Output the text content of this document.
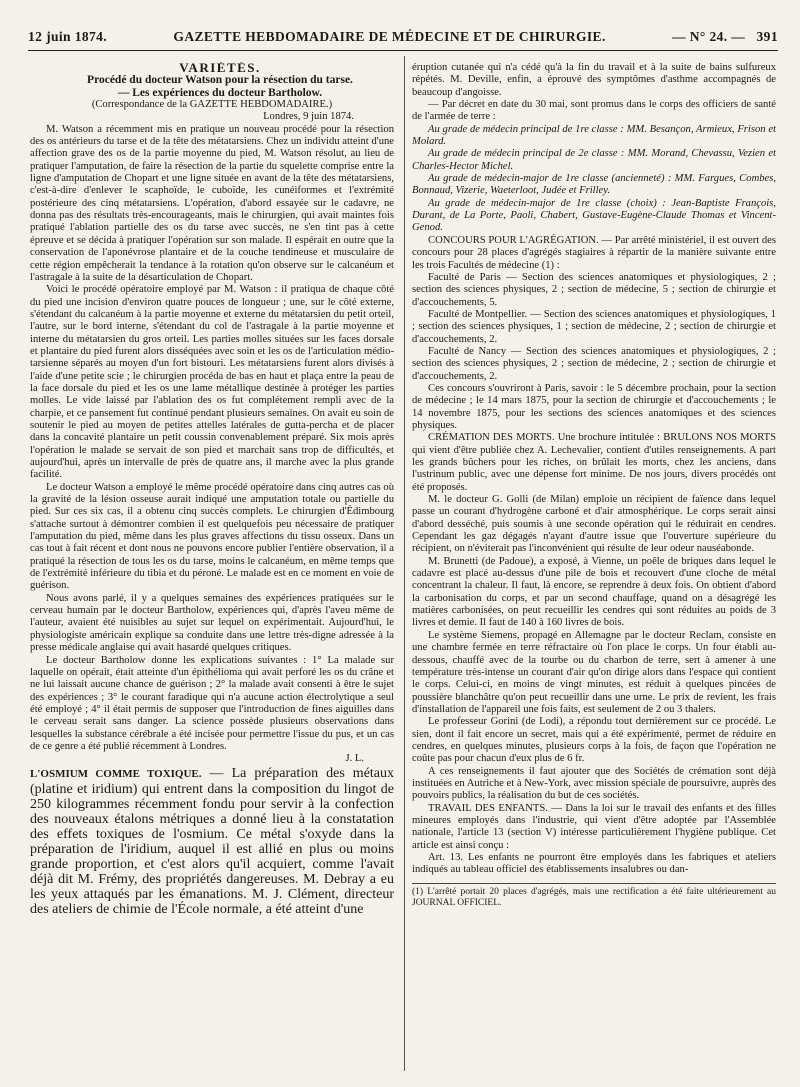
12 juin 1874.	GAZETTE HEBDOMADAIRE DE MÉDECINE ET DE CHIRURGIE.	— N° 24. — 391

VARIÉTÉS.

Procédé du docteur Watson pour la résection du tarse.

— Les expériences du docteur Bartholow.

(Correspondance de la GAZETTE HEBDOMADAIRE.)

Londres, 9 juin 1874.

M. Watson a récemment mis en pratique un nouveau procédé pour la résection des os antérieurs du tarse et de la tête des métatarsiens. Chez un individu atteint d'une affection grave des os de la partie moyenne du pied, M. Watson résolut, au lieu de pratiquer l'amputation, de faire la résection de la partie du squelette comprise entre la ligne d'amputation de Chopart et une ligne située en avant de la tête des métatarsiens, c'est-à-dire d'enlever le scaphoïde, le cuboïde, les cunéiformes et l'extrémité postérieure des cinq métatarsiens. L'opération, d'abord essayée sur le cadavre, ne donna pas des résultats très-encourageants, mais le chirurgien, qui avait maintes fois pratiqué l'ablation partielle des os du tarse avec succès, ne s'en tint pas à cette épreuve et se décida à pratiquer l'opération sur son malade. Il espérait en outre que la conservation de l'aponévrose plantaire et de la couche tendineuse et musculaire de cette région empêcherait la tendance à la rotation qu'on observe sur le calcanéum et l'astragale à la suite de la désarticulation de Chopart.

Voici le procédé opératoire employé par M. Watson : il pratiqua de chaque côté du pied une incision d'environ quatre pouces de longueur ; une, sur le côté externe, s'étendant du calcanéum à la partie moyenne et externe du métatarsien du petit orteil, l'autre, sur le bord interne, s'étendant du col de l'astragale à la partie moyenne et interne du métatarsien du gros orteil. Les parties molles situées sur les faces dorsale et plantaire du pied furent alors disséquées avec soin et les os de l'articulation médio-tarsienne séparés au moyen d'un fort bistouri. Les métatarsiens furent alors divisés à l'aide d'une petite scie ; le chirurgien procéda de bas en haut et plaça entre la peau de la face dorsale du pied et les os une lame métallique destinée à protéger les parties molles. Le vide laissé par l'ablation des os fut complétement rempli avec de la charpie, et ce pansement fut continué pendant plusieurs semaines. On avait eu soin de soutenir le pied au moyen de petites attelles latérales de gutta-percha et de placer dans la concavité plantaire un petit coussin convenablement préparé. Six mois après l'opération le malade se servait de son pied et marchait sans trop de difficultés, et aujourd'hui, après un intervalle de près de quatre ans, il marche avec la plus grande facilité.

Le docteur Watson a employé le même procédé opératoire dans cinq autres cas où la gravité de la lésion osseuse aurait indiqué une amputation totale ou partielle du pied. Sur ces six cas, il a obtenu cinq succès complets. Le chirurgien d'Édimbourg s'attache surtout à démontrer combien il est quelquefois peu nécessaire de pratiquer l'amputation du pied, même dans les plus graves affections du tissu osseux. Dans un cas tout à fait récent et dont nous ne pouvons encore publier l'entière observation, il a pratiqué la résection de tous les os du tarse, moins le calcanéum, en même temps que de l'extrémité inférieure du tibia et du péroné. Le malade est en ce moment en voie de guérison.

Nous avons parlé, il y a quelques semaines des expériences pratiquées sur le cerveau humain par le docteur Bartholow, expériences qui, d'après l'aveu même de l'auteur, avaient été nuisibles au sujet sur lequel on expérimentait. Aujourd'hui, le physiologiste américain explique sa conduite dans une lettre très-digne adressée à la presse médicale anglaise qui avait hasardé quelques critiques.

Le docteur Bartholow donne les explications suivantes : 1° La malade sur laquelle on opérait, était atteinte d'un épithélioma qui avait perforé les os du crâne et ne lui laissait aucune chance de guérison ; 2° la malade avait consenti à être le sujet des expériences ; 3° le courant faradique qui n'a aucune action électrolytique a seul été employé ; 4° il était permis de supposer que l'introduction de fines aiguilles dans le cerveau serait sans danger. La science possède plusieurs observations dans lesquelles la substance cérébrale a été incisée pour permettre l'issue du pus, et un cas de ce genre a été publié récemment à Londres.

J. L.

L'OSMIUM COMME TOXIQUE. — La préparation des métaux (platine et iridium) qui entrent dans la composition du lingot de 250 kilogrammes récemment fondu pour servir à la confection des nouveaux étalons métriques a donné lieu à la constatation des effets toxiques de l'osmium. Ce métal s'oxyde dans la préparation de l'iridium, auquel il est allié en plus ou moins grande proportion, et c'est alors qu'il acquiert, comme l'avait déjà dit M. Frémy, des propriétés dangereuses. M. Debray a eu les yeux attaqués par les émanations. M. J. Clément, directeur des ateliers de chimie de l'École normale, a été atteint d'une

éruption cutanée qui n'a cédé qu'à la fin du travail et à la suite de bains sulfureux répétés. M. Deville, enfin, a éprouvé des symptômes d'asthme accompagnés de beaucoup d'angoisse.

— Par décret en date du 30 mai, sont promus dans le corps des officiers de santé de l'armée de terre :

Au grade de médecin principal de 1re classe : MM. Besançon, Armieux, Frison et Molard.

Au grade de médecin principal de 2e classe : MM. Morand, Chevassu, Vezien et Charles-Hector Michel.

Au grade de médecin-major de 1re classe (ancienneté) : MM. Fargues, Combes, Bonnaud, Vizerie, Waeterloot, Judée et Frilley.

Au grade de médecin-major de 1re classe (choix) : Jean-Baptiste François, Durant, de La Porte, Paoli, Chabert, Gustave-Eugène-Claude Thomas et Vincent-Genod.

CONCOURS POUR L'AGRÉGATION. — Par arrêté ministériel, il est ouvert des concours pour 28 places d'agrégés stagiaires à répartir de la manière suivante entre les trois Facultés de médecine (1) :

Faculté de Paris — Section des sciences anatomiques et physiologiques, 2 ; section des sciences physiques, 2 ; section de médecine, 5 ; section de chirurgie et d'accouchements, 5.

Faculté de Montpellier. — Section des sciences anatomiques et physiologiques, 1 ; section des sciences physiques, 1 ; section de médecine, 2 ; section de chirurgie et d'accouchements, 2.

Faculté de Nancy — Section des sciences anatomiques et physiologiques, 2 ; section des sciences physiques, 2 ; section de médecine, 2 ; section de chirurgie et d'accouchements, 2.

Ces concours s'ouvriront à Paris, savoir : le 5 décembre prochain, pour la section de médecine ; le 14 mars 1875, pour la section de chirurgie et d'accouchements ; le 14 novembre 1875, pour les sections des sciences anatomiques et des sciences physiques.

CRÉMATION DES MORTS. Une brochure intitulée : BRULONS NOS MORTS qui vient d'être publiée chez A. Lechevalier, contient d'utiles renseignements. A part les grands bûchers pour les riches, on brûlait les morts, chez les anciens, dans l'ustrinum public, avec une dépense fort minime. De nos jours, divers procédés ont été proposés.

M. le docteur G. Golli (de Milan) emploie un récipient de faïence dans lequel passe un courant d'hydrogène carboné et d'air atmosphérique. Le corps serait ainsi d'abord desséché, puis soumis à une seconde opération qui le réduirait en cendres. Cependant les gaz dégagés n'ayant d'autre issue que l'ouverture supérieure du récipient, on n'éviterait pas l'inconvénient qui résulte de leur odeur nauséabonde.

M. Brunetti (de Padoue), a exposé, à Vienne, un poêle de briques dans lequel le cadavre est placé au-dessus d'une pile de bois et recouvert d'une cloche de métal concentrant la chaleur. Il faut, là encore, se reprendre à deux fois. On obtient d'abord la carbonisation du corps, et par un second chauffage, quand on a désagrégé les matières carbonisées, on peut recueillir les cendres qui sont réduites au poids de 3 livres et demie. Il faut de 140 à 160 livres de bois.

Le système Siemens, propagé en Allemagne par le docteur Reclam, consiste en une chambre fermée en terre réfractaire où l'on place le corps. Un four établi au-dessous, chauffé avec de la tourbe ou du charbon de terre, sert à amener à une température très-intense un courant d'air qu'on dirige alors dans l'espace qui contient le corps. Celui-ci, en moins de vingt minutes, est réduit à quelques pincées de poussière blanchâtre qu'on peut recueillir dans une urne. Le prix de revient, les frais d'installation de l'appareil une fois faits, est seulement de 2 ou 3 thalers.

Le professeur Gorini (de Lodi), a répondu tout dernièrement sur ce procédé. Le sien, dont il fait encore un secret, mais qui a été expérimenté, permet de réduire en cendres, en quelques minutes, plusieurs corps à la fois, de façon que l'opération ne coûte pas pour chacun d'eux plus de 6 fr.

A ces renseignements il faut ajouter que des Sociétés de crémation sont déjà instituées en Autriche et à New-York, avec mission spéciale de poursuivre, auprès des pouvoirs publics, la réalisation du but de ces sociétés.

TRAVAIL DES ENFANTS. — Dans la loi sur le travail des enfants et des filles mineures employés dans l'industrie, qui vient d'être adoptée par l'Assemblée nationale, l'article 13 (section V) intéresse particulièrement l'hygiène publique. Cet article est ainsi conçu :

Art. 13. Les enfants ne pourront être employés dans les fabriques et ateliers indiqués au tableau officiel des établissements insalubres ou dan-

(1) L'arrêté portait 20 places d'agrégés, mais une rectification a été faite ultérieurement au JOURNAL OFFICIEL.
